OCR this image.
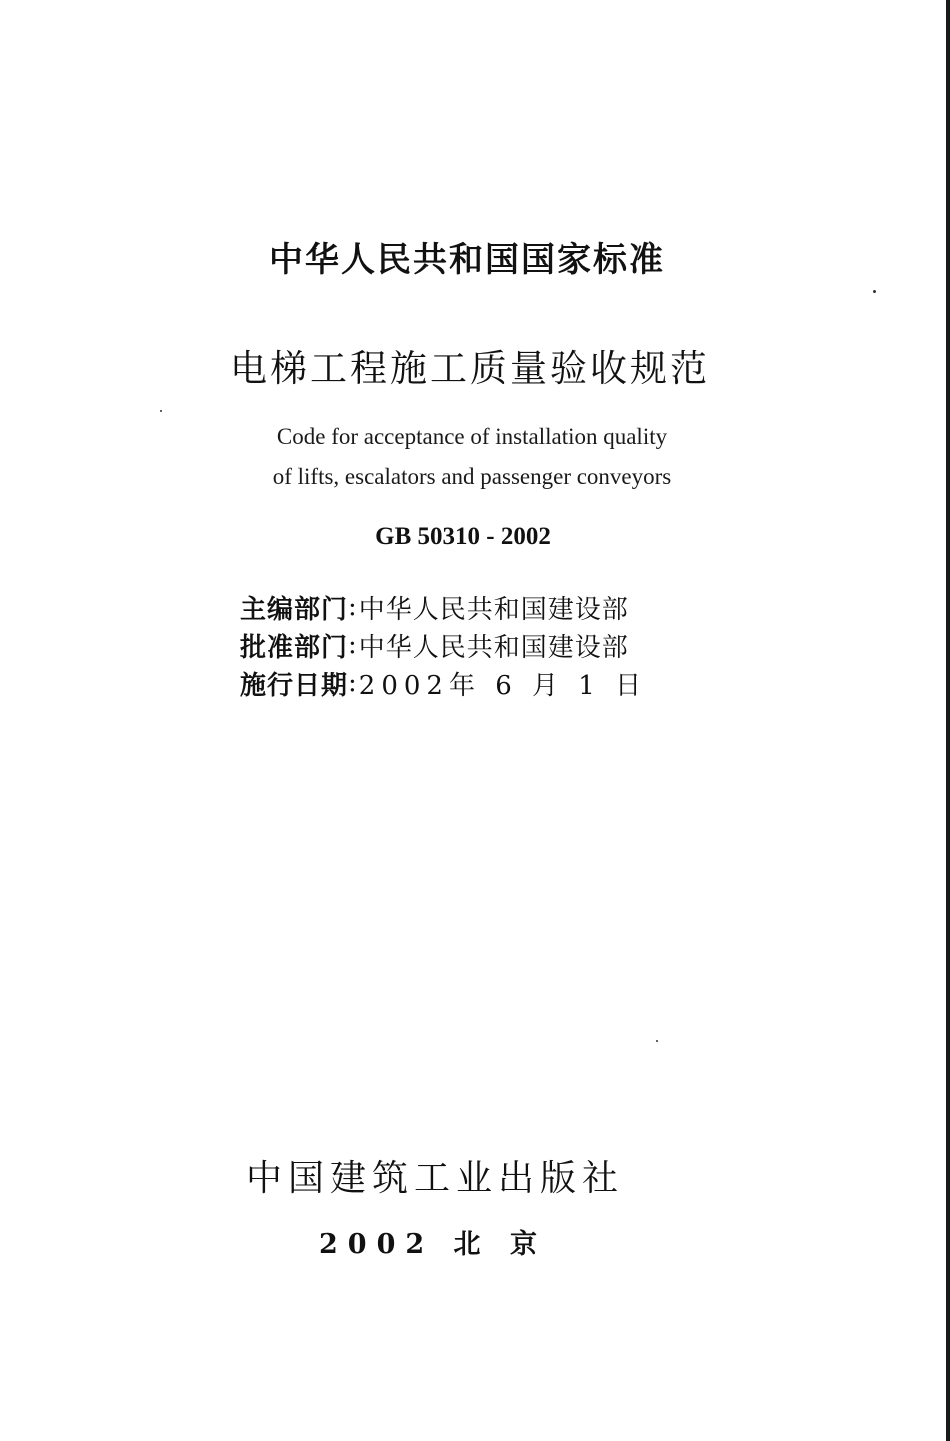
中华人民共和国国家标准
电梯工程施工质量验收规范
Code for acceptance of installation quality
of lifts, escalators and passenger conveyors
GB 50310 - 2002
主编部门 : 中华人民共和国建设部
批准部门 : 中华人民共和国建设部
施行日期 : 2002年 6 月 1 日
中国建筑工业出版社
2002 北 京
